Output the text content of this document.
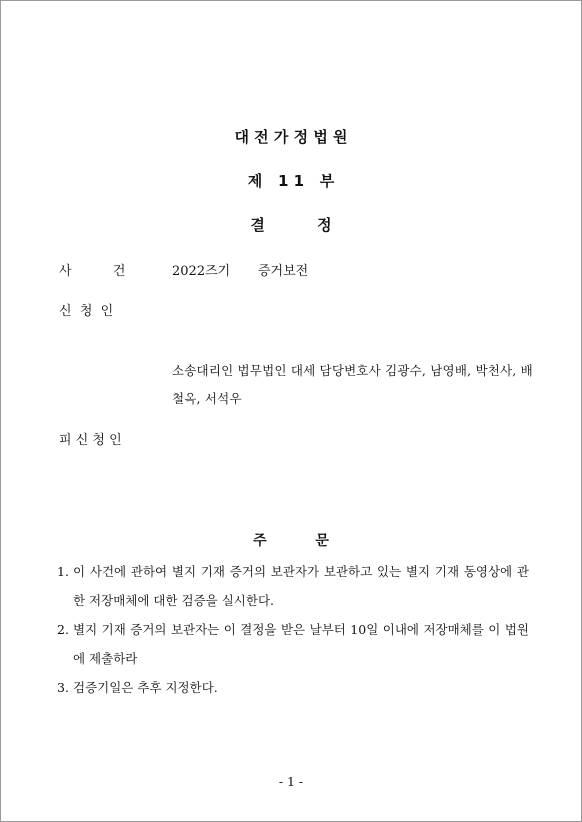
대 전 가 정 법 원
제   1 1   부
결          정
사          건	2022즈기 증거보전
신  청  인
소송대리인 법무법인 대세 담당변호사 김광수, 남영배, 박천사, 배철옥, 서석우
피 신 청 인
주          문
1. 이 사건에 관하여 별지 기재 증거의 보관자가 보관하고 있는 별지 기재 동영상에 관한 저장매체에 대한 검증을 실시한다.
2. 별지 기재 증거의 보관자는 이 결정을 받은 날부터 10일 이내에 저장매체를 이 법원에 제출하라
3. 검증기일은 추후 지정한다.
- 1 -
